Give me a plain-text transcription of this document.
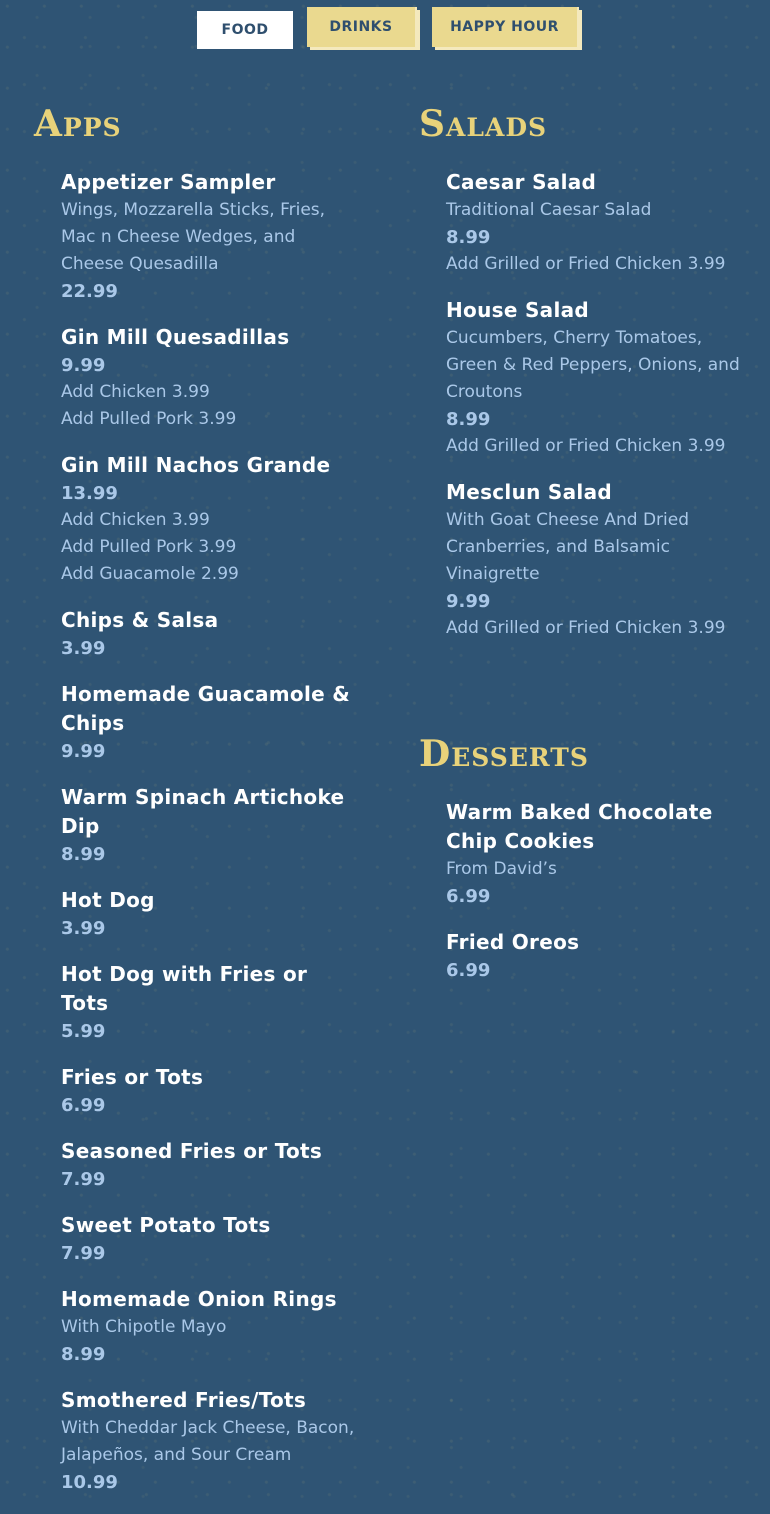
FOOD	DRINKS	HAPPY HOUR
Apps	Salads
Desserts
Appetizer Sampler
Wings, Mozzarella Sticks, Fries, Mac n Cheese Wedges, and Cheese Quesadilla
22.99
Gin Mill Quesadillas
9.99
Add Chicken 3.99
Add Pulled Pork 3.99
Gin Mill Nachos Grande
13.99
Add Chicken 3.99
Add Pulled Pork 3.99
Add Guacamole 2.99
Chips & Salsa
3.99
Homemade Guacamole & Chips
9.99
Warm Spinach Artichoke Dip
8.99
Hot Dog
3.99
Hot Dog with Fries or Tots
5.99
Fries or Tots
6.99
Seasoned Fries or Tots
7.99
Sweet Potato Tots
7.99
Homemade Onion Rings
With Chipotle Mayo
8.99
Smothered Fries/Tots
With Cheddar Jack Cheese, Bacon, Jalapeños, and Sour Cream
10.99
Caesar Salad
Traditional Caesar Salad
8.99
Add Grilled or Fried Chicken 3.99
House Salad
Cucumbers, Cherry Tomatoes, Green & Red Peppers, Onions, and Croutons
8.99
Add Grilled or Fried Chicken 3.99
Mesclun Salad
With Goat Cheese And Dried Cranberries, and Balsamic Vinaigrette
9.99
Add Grilled or Fried Chicken 3.99
Warm Baked Chocolate Chip Cookies
From David’s
6.99
Fried Oreos
6.99
